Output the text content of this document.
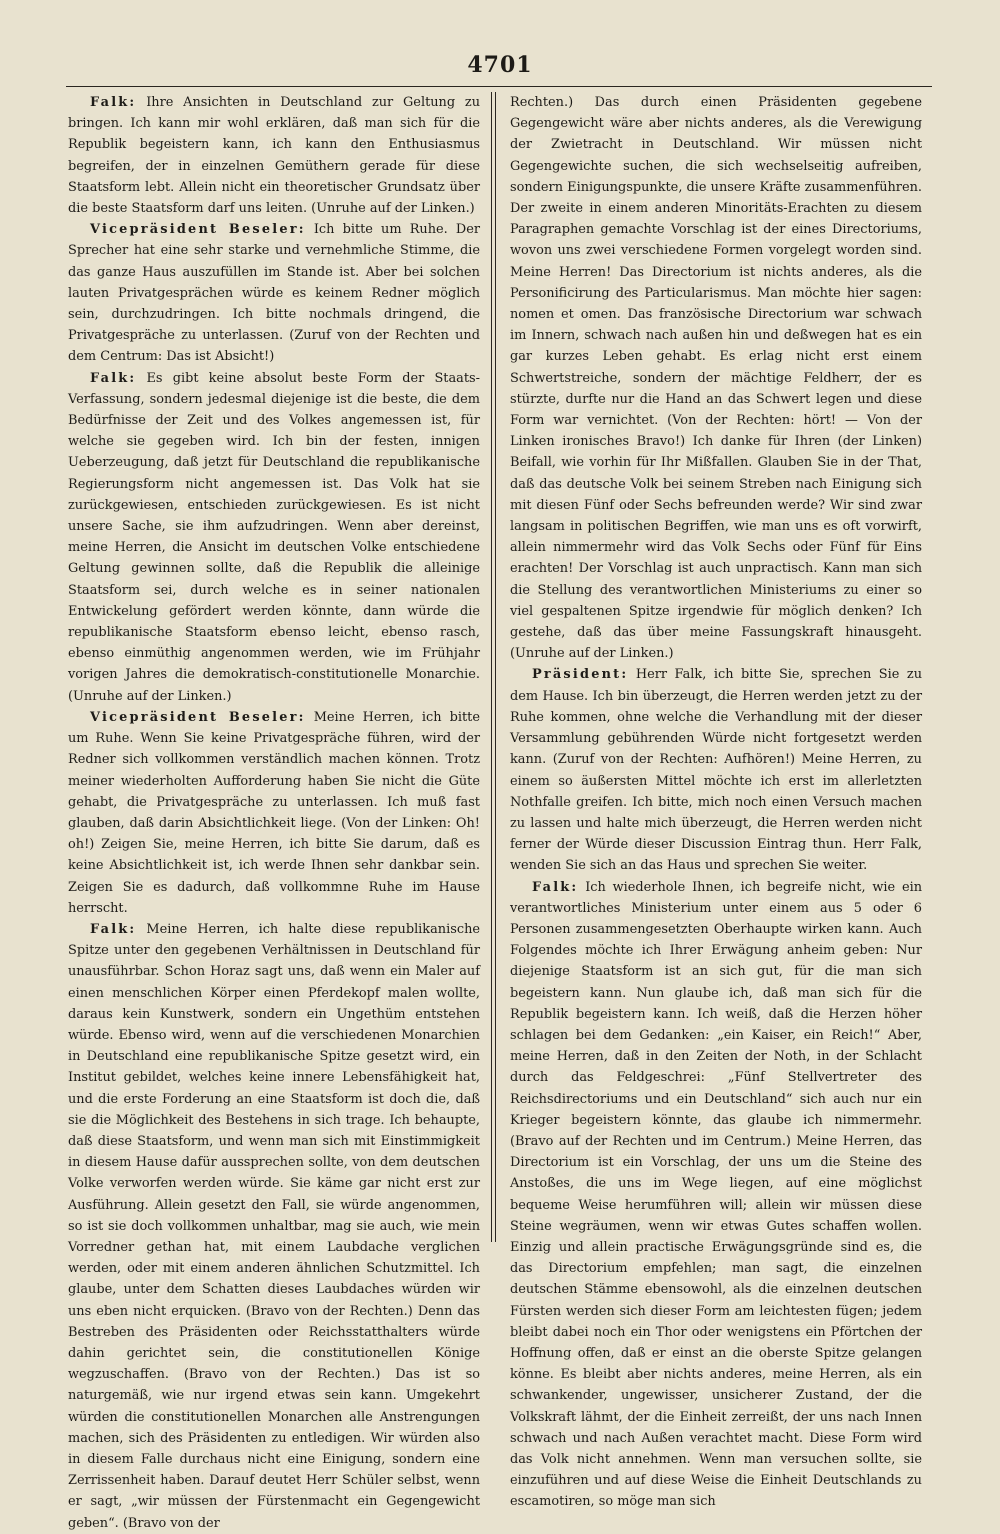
4701

Falk: Ihre Ansichten in Deutschland zur Geltung zu bringen. Ich kann mir wohl erklären, daß man sich für die Republik begeistern kann, ich kann den Enthusiasmus begreifen, der in einzelnen Gemüthern gerade für diese Staatsform lebt. Allein nicht ein theoretischer Grundsatz über die beste Staatsform darf uns leiten. (Unruhe auf der Linken.)

Vicepräsident Beseler: Ich bitte um Ruhe. Der Sprecher hat eine sehr starke und vernehmliche Stimme, die das ganze Haus auszufüllen im Stande ist. Aber bei solchen lauten Privatgesprächen würde es keinem Redner möglich sein, durchzudringen. Ich bitte nochmals dringend, die Privatgespräche zu unterlassen. (Zuruf von der Rechten und dem Centrum: Das ist Absicht!)

Falk: Es gibt keine absolut beste Form der Staats-Verfassung, sondern jedesmal diejenige ist die beste, die dem Bedürfnisse der Zeit und des Volkes angemessen ist, für welche sie gegeben wird. Ich bin der festen, innigen Ueberzeugung, daß jetzt für Deutschland die republikanische Regierungsform nicht angemessen ist. Das Volk hat sie zurückgewiesen, entschieden zurückgewiesen. Es ist nicht unsere Sache, sie ihm aufzudringen. Wenn aber dereinst, meine Herren, die Ansicht im deutschen Volke entschiedene Geltung gewinnen sollte, daß die Republik die alleinige Staatsform sei, durch welche es in seiner nationalen Entwickelung gefördert werden könnte, dann würde die republikanische Staatsform ebenso leicht, ebenso rasch, ebenso einmüthig angenommen werden, wie im Frühjahr vorigen Jahres die demokratisch-constitutionelle Monarchie. (Unruhe auf der Linken.)

Vicepräsident Beseler: Meine Herren, ich bitte um Ruhe. Wenn Sie keine Privatgespräche führen, wird der Redner sich vollkommen verständlich machen können. Trotz meiner wiederholten Aufforderung haben Sie nicht die Güte gehabt, die Privatgespräche zu unterlassen. Ich muß fast glauben, daß darin Absichtlichkeit liege. (Von der Linken: Oh! oh!) Zeigen Sie, meine Herren, ich bitte Sie darum, daß es keine Absichtlichkeit ist, ich werde Ihnen sehr dankbar sein. Zeigen Sie es dadurch, daß vollkommne Ruhe im Hause herrscht.

Falk: Meine Herren, ich halte diese republikanische Spitze unter den gegebenen Verhältnissen in Deutschland für unausführbar. Schon Horaz sagt uns, daß wenn ein Maler auf einen menschlichen Körper einen Pferdekopf malen wollte, daraus kein Kunstwerk, sondern ein Ungethüm entstehen würde. Ebenso wird, wenn auf die verschiedenen Monarchien in Deutschland eine republikanische Spitze gesetzt wird, ein Institut gebildet, welches keine innere Lebensfähigkeit hat, und die erste Forderung an eine Staatsform ist doch die, daß sie die Möglichkeit des Bestehens in sich trage. Ich behaupte, daß diese Staatsform, und wenn man sich mit Einstimmigkeit in diesem Hause dafür aussprechen sollte, von dem deutschen Volke verworfen werden würde. Sie käme gar nicht erst zur Ausführung. Allein gesetzt den Fall, sie würde angenommen, so ist sie doch vollkommen unhaltbar, mag sie auch, wie mein Vorredner gethan hat, mit einem Laubdache verglichen werden, oder mit einem anderen ähnlichen Schutzmittel. Ich glaube, unter dem Schatten dieses Laubdaches würden wir uns eben nicht erquicken. (Bravo von der Rechten.) Denn das Bestreben des Präsidenten oder Reichsstatthalters würde dahin gerichtet sein, die constitutionellen Könige wegzuschaffen. (Bravo von der Rechten.) Das ist so naturgemäß, wie nur irgend etwas sein kann. Umgekehrt würden die constitutionellen Monarchen alle Anstrengungen machen, sich des Präsidenten zu entledigen. Wir würden also in diesem Falle durchaus nicht eine Einigung, sondern eine Zerrissenheit haben. Darauf deutet Herr Schüler selbst, wenn er sagt, „wir müssen der Fürstenmacht ein Gegengewicht geben“. (Bravo von der

Rechten.) Das durch einen Präsidenten gegebene Gegengewicht wäre aber nichts anderes, als die Verewigung der Zwietracht in Deutschland. Wir müssen nicht Gegengewichte suchen, die sich wechselseitig aufreiben, sondern Einigungspunkte, die unsere Kräfte zusammenführen. Der zweite in einem anderen Minoritäts-Erachten zu diesem Paragraphen gemachte Vorschlag ist der eines Directoriums, wovon uns zwei verschiedene Formen vorgelegt worden sind. Meine Herren! Das Directorium ist nichts anderes, als die Personificirung des Particularismus. Man möchte hier sagen: nomen et omen. Das französische Directorium war schwach im Innern, schwach nach außen hin und deßwegen hat es ein gar kurzes Leben gehabt. Es erlag nicht erst einem Schwertstreiche, sondern der mächtige Feldherr, der es stürzte, durfte nur die Hand an das Schwert legen und diese Form war vernichtet. (Von der Rechten: hört! — Von der Linken ironisches Bravo!) Ich danke für Ihren (der Linken) Beifall, wie vorhin für Ihr Mißfallen. Glauben Sie in der That, daß das deutsche Volk bei seinem Streben nach Einigung sich mit diesen Fünf oder Sechs befreunden werde? Wir sind zwar langsam in politischen Begriffen, wie man uns es oft vorwirft, allein nimmermehr wird das Volk Sechs oder Fünf für Eins erachten! Der Vorschlag ist auch unpractisch. Kann man sich die Stellung des verantwortlichen Ministeriums zu einer so viel gespaltenen Spitze irgendwie für möglich denken? Ich gestehe, daß das über meine Fassungskraft hinausgeht. (Unruhe auf der Linken.)

Präsident: Herr Falk, ich bitte Sie, sprechen Sie zu dem Hause. Ich bin überzeugt, die Herren werden jetzt zu der Ruhe kommen, ohne welche die Verhandlung mit der dieser Versammlung gebührenden Würde nicht fortgesetzt werden kann. (Zuruf von der Rechten: Aufhören!) Meine Herren, zu einem so äußersten Mittel möchte ich erst im allerletzten Nothfalle greifen. Ich bitte, mich noch einen Versuch machen zu lassen und halte mich überzeugt, die Herren werden nicht ferner der Würde dieser Discussion Eintrag thun. Herr Falk, wenden Sie sich an das Haus und sprechen Sie weiter.

Falk: Ich wiederhole Ihnen, ich begreife nicht, wie ein verantwortliches Ministerium unter einem aus 5 oder 6 Personen zusammengesetzten Oberhaupte wirken kann. Auch Folgendes möchte ich Ihrer Erwägung anheim geben: Nur diejenige Staatsform ist an sich gut, für die man sich begeistern kann. Nun glaube ich, daß man sich für die Republik begeistern kann. Ich weiß, daß die Herzen höher schlagen bei dem Gedanken: „ein Kaiser, ein Reich!“ Aber, meine Herren, daß in den Zeiten der Noth, in der Schlacht durch das Feldgeschrei: „Fünf Stellvertreter des Reichsdirectoriums und ein Deutschland“ sich auch nur ein Krieger begeistern könnte, das glaube ich nimmermehr. (Bravo auf der Rechten und im Centrum.) Meine Herren, das Directorium ist ein Vorschlag, der uns um die Steine des Anstoßes, die uns im Wege liegen, auf eine möglichst bequeme Weise herumführen will; allein wir müssen diese Steine wegräumen, wenn wir etwas Gutes schaffen wollen. Einzig und allein practische Erwägungsgründe sind es, die das Directorium empfehlen; man sagt, die einzelnen deutschen Stämme ebensowohl, als die einzelnen deutschen Fürsten werden sich dieser Form am leichtesten fügen; jedem bleibt dabei noch ein Thor oder wenigstens ein Pförtchen der Hoffnung offen, daß er einst an die oberste Spitze gelangen könne. Es bleibt aber nichts anderes, meine Herren, als ein schwankender, ungewisser, unsicherer Zustand, der die Volkskraft lähmt, der die Einheit zerreißt, der uns nach Innen schwach und nach Außen verachtet macht. Diese Form wird das Volk nicht annehmen. Wenn man versuchen sollte, sie einzuführen und auf diese Weise die Einheit Deutschlands zu escamotiren, so möge man sich
